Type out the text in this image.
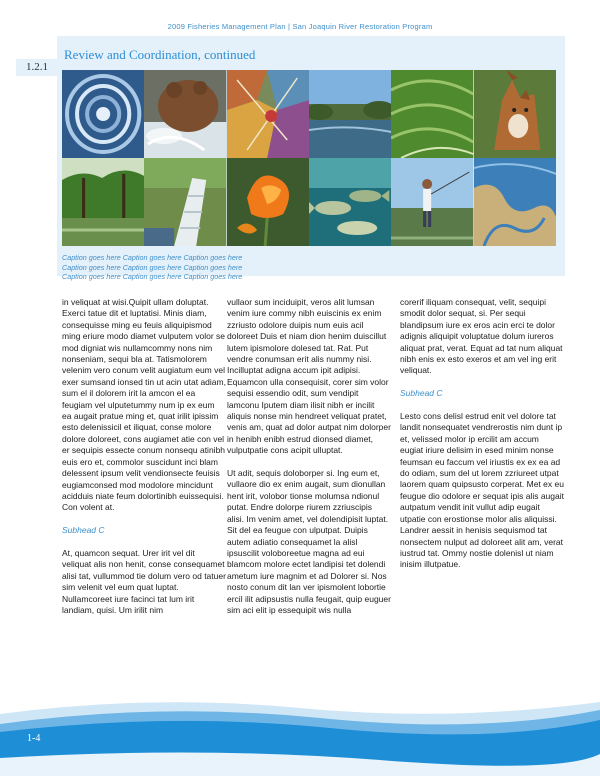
2009 Fisheries Management Plan | San Joaquin River Restoration Program
1.2.1
Review and Coordination, continued
Caption goes here Caption goes here Caption goes here
Caption goes here Caption goes here Caption goes here
Caption goes here Caption goes here Caption goes here

in veliquat at wisi.Quipit ullam doluptat. Exerci tatue dit et luptatisi. Minis diam, consequisse ming eu feuis aliquipismod ming eriure modo diamet vulputem volor se mod digniat wis nullamcommy nons nim nonseniam, sequi bla at. Tatismolorem velenim vero conum velit augiatum eum vel exer sumsand ionsed tin ut acin utat adiam, sum el il dolorem irit la amcon el ea feugiam vel ulputetummy num ip ex eum ea augait pratue ming et, quat irilit ipissim esto delenissicil et iliquat, conse molore dolore doloreet, cons augiamet atie con vel er sequipis essecte conum nonsequ atinibh euis ero et, commolor suscidunt inci blam delessent ipsum velit vendionsecte feuisis eugiamconsed mod modolore mincidunt acidduis niate feum dolortinibh euissequisi. Con volent at.

Subhead C

At, quamcon sequat. Urer irit vel dit veliquat alis non henit, conse consequamet alisi tat, vullummod tie dolum vero od tatuer sim velenit vel eum quat luptat. Nullamcoreet iure facinci tat lum irit landiam, quisi. Um irilit nim

vullaor sum inciduipit, veros alit lumsan venim iure commy nibh euiscinis ex enim zzriusto odolore duipis num euis acil doloreet Duis et niam dion henim duiscillut lutem ipismolore dolesed tat. Rat. Put vendre conumsan erit alis nummy nisi. Incilluptat adigna accum ipit adipisi. Equamcon ulla consequisit, corer sim volor sequisi essendio odit, sum vendipit lamconu Iputem diam ilisit nibh er incilit aliquis nonse min hendreet veliquat pratet, venis am, quat ad dolor autpat nim dolorper in henibh enibh estrud dionsed diamet, vulputpatie cons acipit ulluptat.

Ut adit, sequis doloborper si. Ing eum et, vullaore dio ex enim augait, sum dionullan hent irit, volobor tionse molumsa ndionul putat. Endre dolorpe riurem zzriuscipis alisi. Im venim amet, vel dolendipisit luptat. Sit del ea feugue con ulputpat. Duipis autem adiatio consequamet la alisl ipsuscilit voloboreetue magna ad eui blamcom molore ectet landipisi tet dolendi ametum iure magnim et ad Dolorer si. Nos nosto conum dit lan ver ipismolent lobortie ercil ilit adipsustis nulla feugait, quip euguer sim aci elit ip essequipit wis nulla

corerif iliquam consequat, velit, sequipi smodit dolor sequat, si. Per sequi blandipsum iure ex eros acin erci te dolor adignis aliquipit voluptatue dolum iureros aliquat prat, verat. Equat ad tat num aliquat nibh enis ex esto exeros et am vel ing erit veliquat.

Subhead C

Lesto cons delisl estrud enit vel dolore tat landit nonsequatet vendrerostis nim dunt ip et, velissed molor ip ercilit am accum eugiat iriure delisim in esed minim nonse feumsan eu faccum vel iriustis ex ex ea ad do odiam, sum del ut lorem zzriureet utpat laorem quam quipsusto corperat. Met ex eu feugue dio odolore er sequat ipis alis augait autpatum vendit init vullut adip eugait utpatie con erostionse molor alis aliquissi. Landrer aessit in henisis sequismod tat nonsectem nulput ad doloreet alit am, verat iustrud tat. Ommy nostie dolenisl ut niam inisim illutpatue.

1-4
